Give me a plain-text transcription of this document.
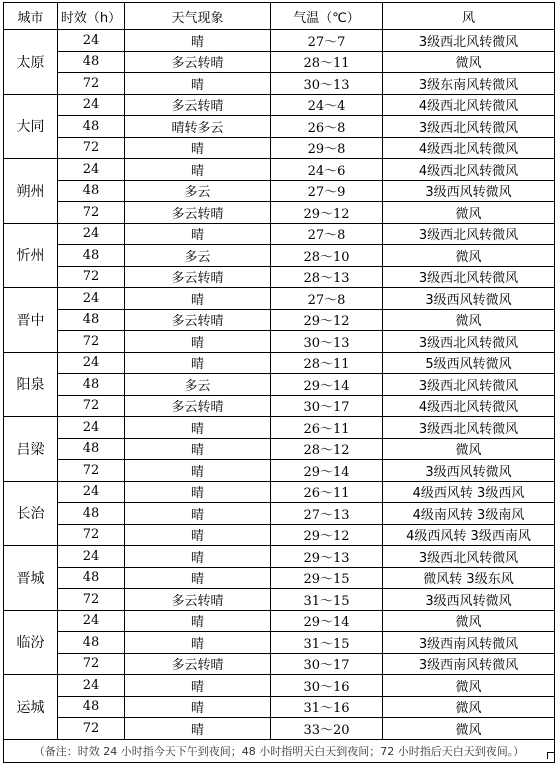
城市	时效（h）	天气现象	气温（℃）	风
太原	24	晴	27～7	3级西北风转微风
	48	多云转晴	28～11	微风
	72	晴	30～13	3级东南风转微风
大同	24	多云转晴	24～4	4级西北风转微风
	48	晴转多云	26～8	3级西北风转微风
	72	晴	29～8	4级西北风转微风
朔州	24	晴	24～6	4级西北风转微风
	48	多云	27～9	3级西风转微风
	72	多云转晴	29～12	微风
忻州	24	晴	27～8	3级西北风转微风
	48	多云	28～10	微风
	72	多云转晴	28～13	3级西北风转微风
晋中	24	晴	27～8	3级西风转微风
	48	多云转晴	29～12	微风
	72	晴	30～13	3级西北风转微风
阳泉	24	晴	28～11	5级西风转微风
	48	多云	29～14	3级西北风转微风
	72	多云转晴	30～17	4级西北风转微风
吕梁	24	晴	26～11	3级西北风转微风
	48	晴	28～12	微风
	72	晴	29～14	3级西风转微风
长治	24	晴	26～11	4级西风转 3级西风
	48	晴	27～13	4级南风转 3级南风
	72	晴	29～12	4级西风转 3级西南风
晋城	24	晴	29～13	3级西北风转微风
	48	晴	29～15	微风转 3级东风
	72	多云转晴	31～15	3级西风转微风
临汾	24	晴	29～14	微风
	48	晴	31～15	3级西南风转微风
	72	多云转晴	30～17	3级西南风转微风
运城	24	晴	30～16	微风
	48	晴	31～16	微风
	72	晴	33～20	微风
（备注：时效 24 小时指今天下午到夜间；48 小时指明天白天到夜间；72 小时指后天白天到夜间。）				
